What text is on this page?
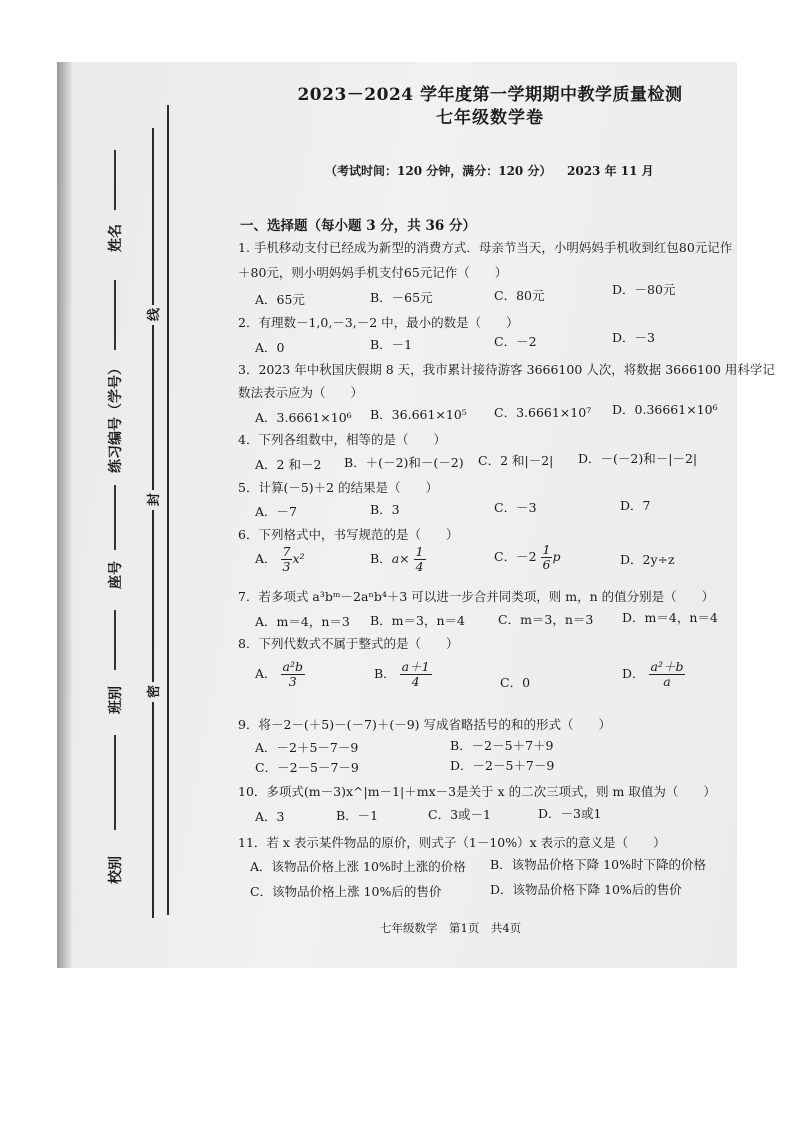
线
封
密
姓名
练习编号（学号）
座号
班别
校别
2023－2024 学年度第一学期期中教学质量检测
七年级数学卷
（考试时间：120 分钟，满分：120 分） 2023 年 11 月
一、选择题（每小题 3 分，共 36 分）
1. 手机移动支付已经成为新型的消费方式．母亲节当天，小明妈妈手机收到红包80元记作
＋80元，则小明妈妈手机支付65元记作（　　）
A．65元	B．－65元	C．80元	D．－80元
2．有理数－1,0,－3,－2 中，最小的数是（　　）
A．0	B．－1	C．－2	D．－3
3．2023 年中秋国庆假期 8 天，我市累计接待游客 3666100 人次，将数据 3666100 用科学记
数法表示应为（　　）
A．3.6661×10⁶ B．36.661×10⁵ C．3.6661×10⁷ D．0.36661×10⁶
4．下列各组数中，相等的是（　　）
A．2 和－2 B．＋(－2)和－(－2) C．2 和|－2| D．－(－2)和－|－2|
5．计算(－5)＋2 的结果是（　　）
A．－7	B．3	C．－3	D．7
6．下列格式中，书写规范的是（　　）
A． $\frac{7}{3} x^2$	B．$a\times \frac{1}{4}$	C．$-2 \frac{1}{6}$ p	D．2y÷z
7．若多项式 a³bᵐ－2aⁿb⁴＋3 可以进一步合并同类项，则 m，n 的值分别是（　　）
A．m＝4，n＝3 B．m＝3，n＝4	C．m＝3，n＝3 D．m＝4，n＝4
8．下列代数式不属于整式的是（　　）
A． $\frac{\text{a²b}}{3}$	B． $\frac{a+1}{4}$	C．0
D． $\frac{\text{a²＋b}}{a}$
9．将－2－(＋5)－(－7)＋(－9) 写成省略括号的和的形式（　　）
A．－2＋5－7－9	B．－2－5＋7＋9
C．－2－5－7－9	D．－2－5＋7－9
10．多项式(m－3)x^|m－1|＋mx－3是关于 x 的二次三项式，则 m 取值为（　　）
A．3	B．－1	C．3或－1	D．－3或1
11．若 x 表示某件物品的原价，则式子（1－10%）x 表示的意义是（　　）
A．该物品价格上涨 10%时上涨的价格 B．该物品价格下降 10%时下降的价格
C．该物品价格上涨 10%后的售价	D．该物品价格下降 10%后的售价
七年级数学　第1页　共4页
